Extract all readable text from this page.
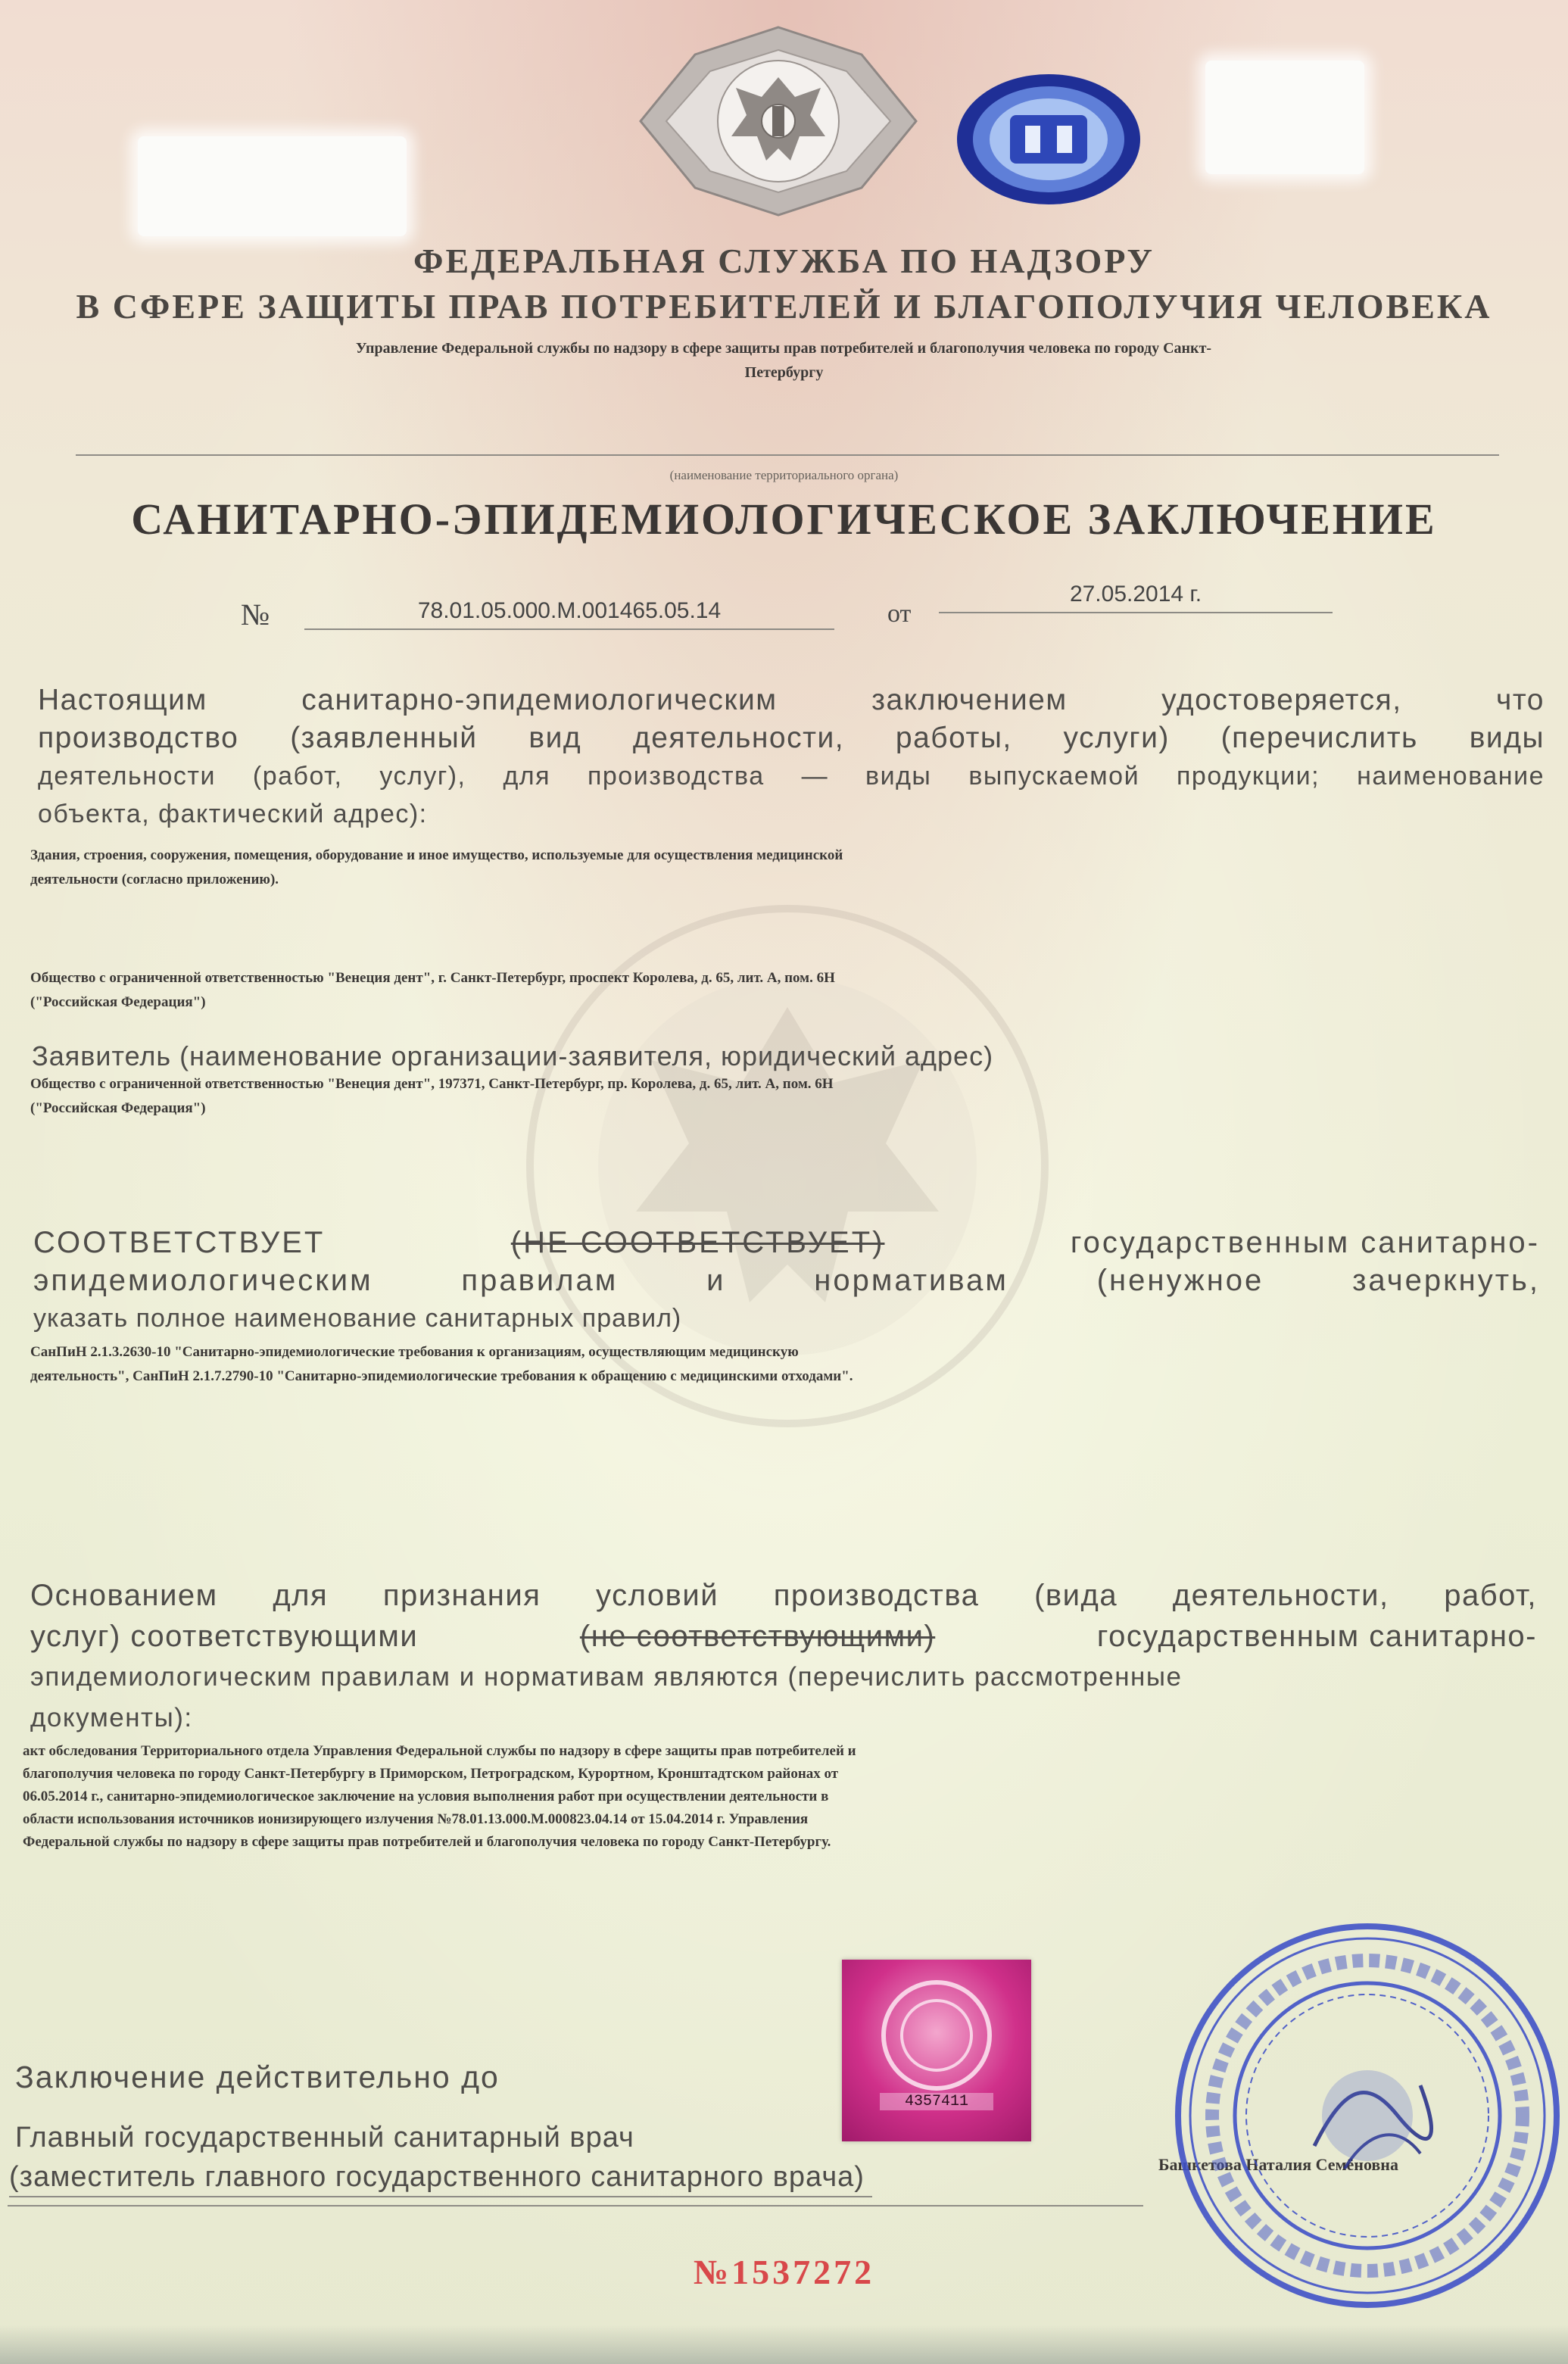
ФЕДЕРАЛЬНАЯ СЛУЖБА ПО НАДЗОРУ
В СФЕРЕ ЗАЩИТЫ ПРАВ ПОТРЕБИТЕЛЕЙ И БЛАГОПОЛУЧИЯ ЧЕЛОВЕКА
Управление Федеральной службы по надзору в сфере защиты прав потребителей и благополучия человека по городу Санкт-
Петербургу
(наименование территориального органа)
САНИТАРНО-ЭПИДЕМИОЛОГИЧЕСКОЕ ЗАКЛЮЧЕНИЕ
№	78.01.05.000.М.001465.05.14	от
27.05.2014 г.
Настоящим санитарно-эпидемиологическим заключением удостоверяется, что
производство (заявленный вид деятельности, работы, услуги) (перечислить виды
деятельности (работ, услуг), для производства — виды выпускаемой продукции; наименование
объекта, фактический адрес):
Здания, строения, сооружения, помещения, оборудование и иное имущество, используемые для осуществления медицинской
деятельности (согласно приложению).
Общество с ограниченной ответственностью "Венеция дент", г. Санкт-Петербург, проспект Королева, д. 65, лит. А, пом. 6Н
("Российская Федерация")
Заявитель (наименование организации-заявителя, юридический адрес)
Общество с ограниченной ответственностью "Венеция дент", 197371, Санкт-Петербург, пр. Королева, д. 65, лит. А, пом. 6Н
("Российская Федерация")
СООТВЕТСТВУЕТ	(НЕ СООТВЕТСТВУЕТ)	государственным санитарно-
эпидемиологическим правилам и нормативам (ненужное зачеркнуть,
указать полное наименование санитарных правил)
СанПиН 2.1.3.2630-10 "Санитарно-эпидемиологические требования к организациям, осуществляющим медицинскую
деятельность", СанПиН 2.1.7.2790-10 "Санитарно-эпидемиологические требования к обращению с медицинскими отходами".
Основанием для признания условий производства (вида деятельности, работ,
услуг) соответствующими	(не соответствующими)	государственным санитарно-
эпидемиологическим правилам и нормативам являются (перечислить рассмотренные
документы):
акт обследования Территориального отдела Управления Федеральной службы по надзору в сфере защиты прав потребителей и
благополучия человека по городу Санкт-Петербургу в Приморском, Петроградском, Курортном, Кронштадтском районах от
06.05.2014 г., санитарно-эпидемиологическое заключение на условия выполнения работ при осуществлении деятельности в
области использования источников ионизирующего излучения №78.01.13.000.М.000823.04.14 от 15.04.2014 г. Управления
Федеральной службы по надзору в сфере защиты прав потребителей и благополучия человека по городу Санкт-Петербургу.
4357411
Заключение действительно до
Главный государственный санитарный врач
(заместитель главного государственного санитарного врача)	Башкетова Наталия Семёновна
№1537272
